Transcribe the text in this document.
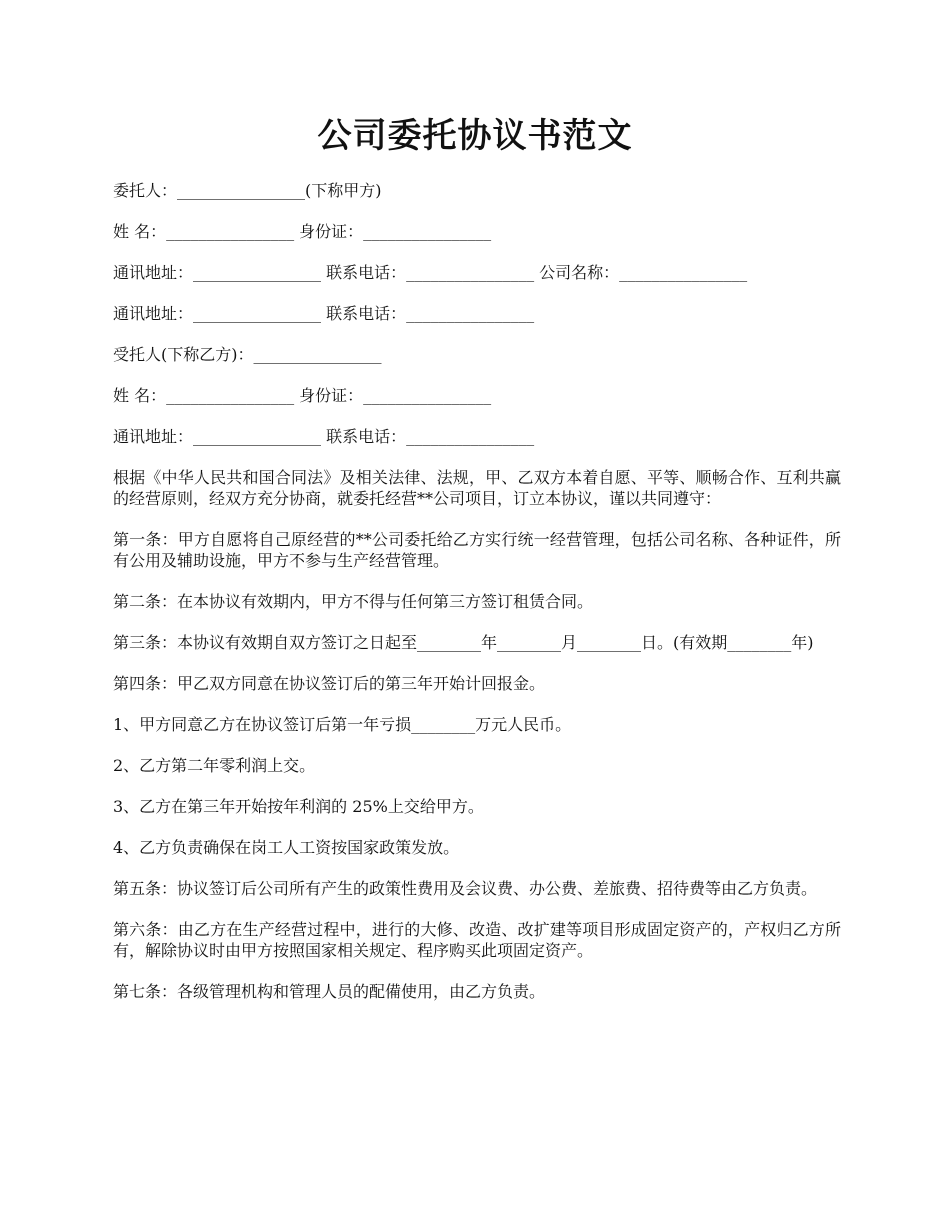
公司委托协议书范文

委托人：________________(下称甲方)

姓 名：________________ 身份证：________________

通讯地址：________________ 联系电话：________________ 公司名称：________________

通讯地址：________________ 联系电话：________________

受托人(下称乙方)：________________

姓 名：________________ 身份证：________________

通讯地址：________________ 联系电话：________________

根据《中华人民共和国合同法》及相关法律、法规，甲、乙双方本着自愿、平等、顺畅合作、互利共赢的经营原则，经双方充分协商，就委托经营**公司项目，订立本协议，谨以共同遵守：

第一条：甲方自愿将自己原经营的**公司委托给乙方实行统一经营管理，包括公司名称、各种证件，所有公用及辅助设施，甲方不参与生产经营管理。

第二条：在本协议有效期内，甲方不得与任何第三方签订租赁合同。

第三条：本协议有效期自双方签订之日起至________年________月________日。(有效期________年)

第四条：甲乙双方同意在协议签订后的第三年开始计回报金。

1、甲方同意乙方在协议签订后第一年亏损________万元人民币。

2、乙方第二年零利润上交。

3、乙方在第三年开始按年利润的 25%上交给甲方。

4、乙方负责确保在岗工人工资按国家政策发放。

第五条：协议签订后公司所有产生的政策性费用及会议费、办公费、差旅费、招待费等由乙方负责。

第六条：由乙方在生产经营过程中，进行的大修、改造、改扩建等项目形成固定资产的，产权归乙方所有，解除协议时由甲方按照国家相关规定、程序购买此项固定资产。

第七条：各级管理机构和管理人员的配備使用，由乙方负责。
